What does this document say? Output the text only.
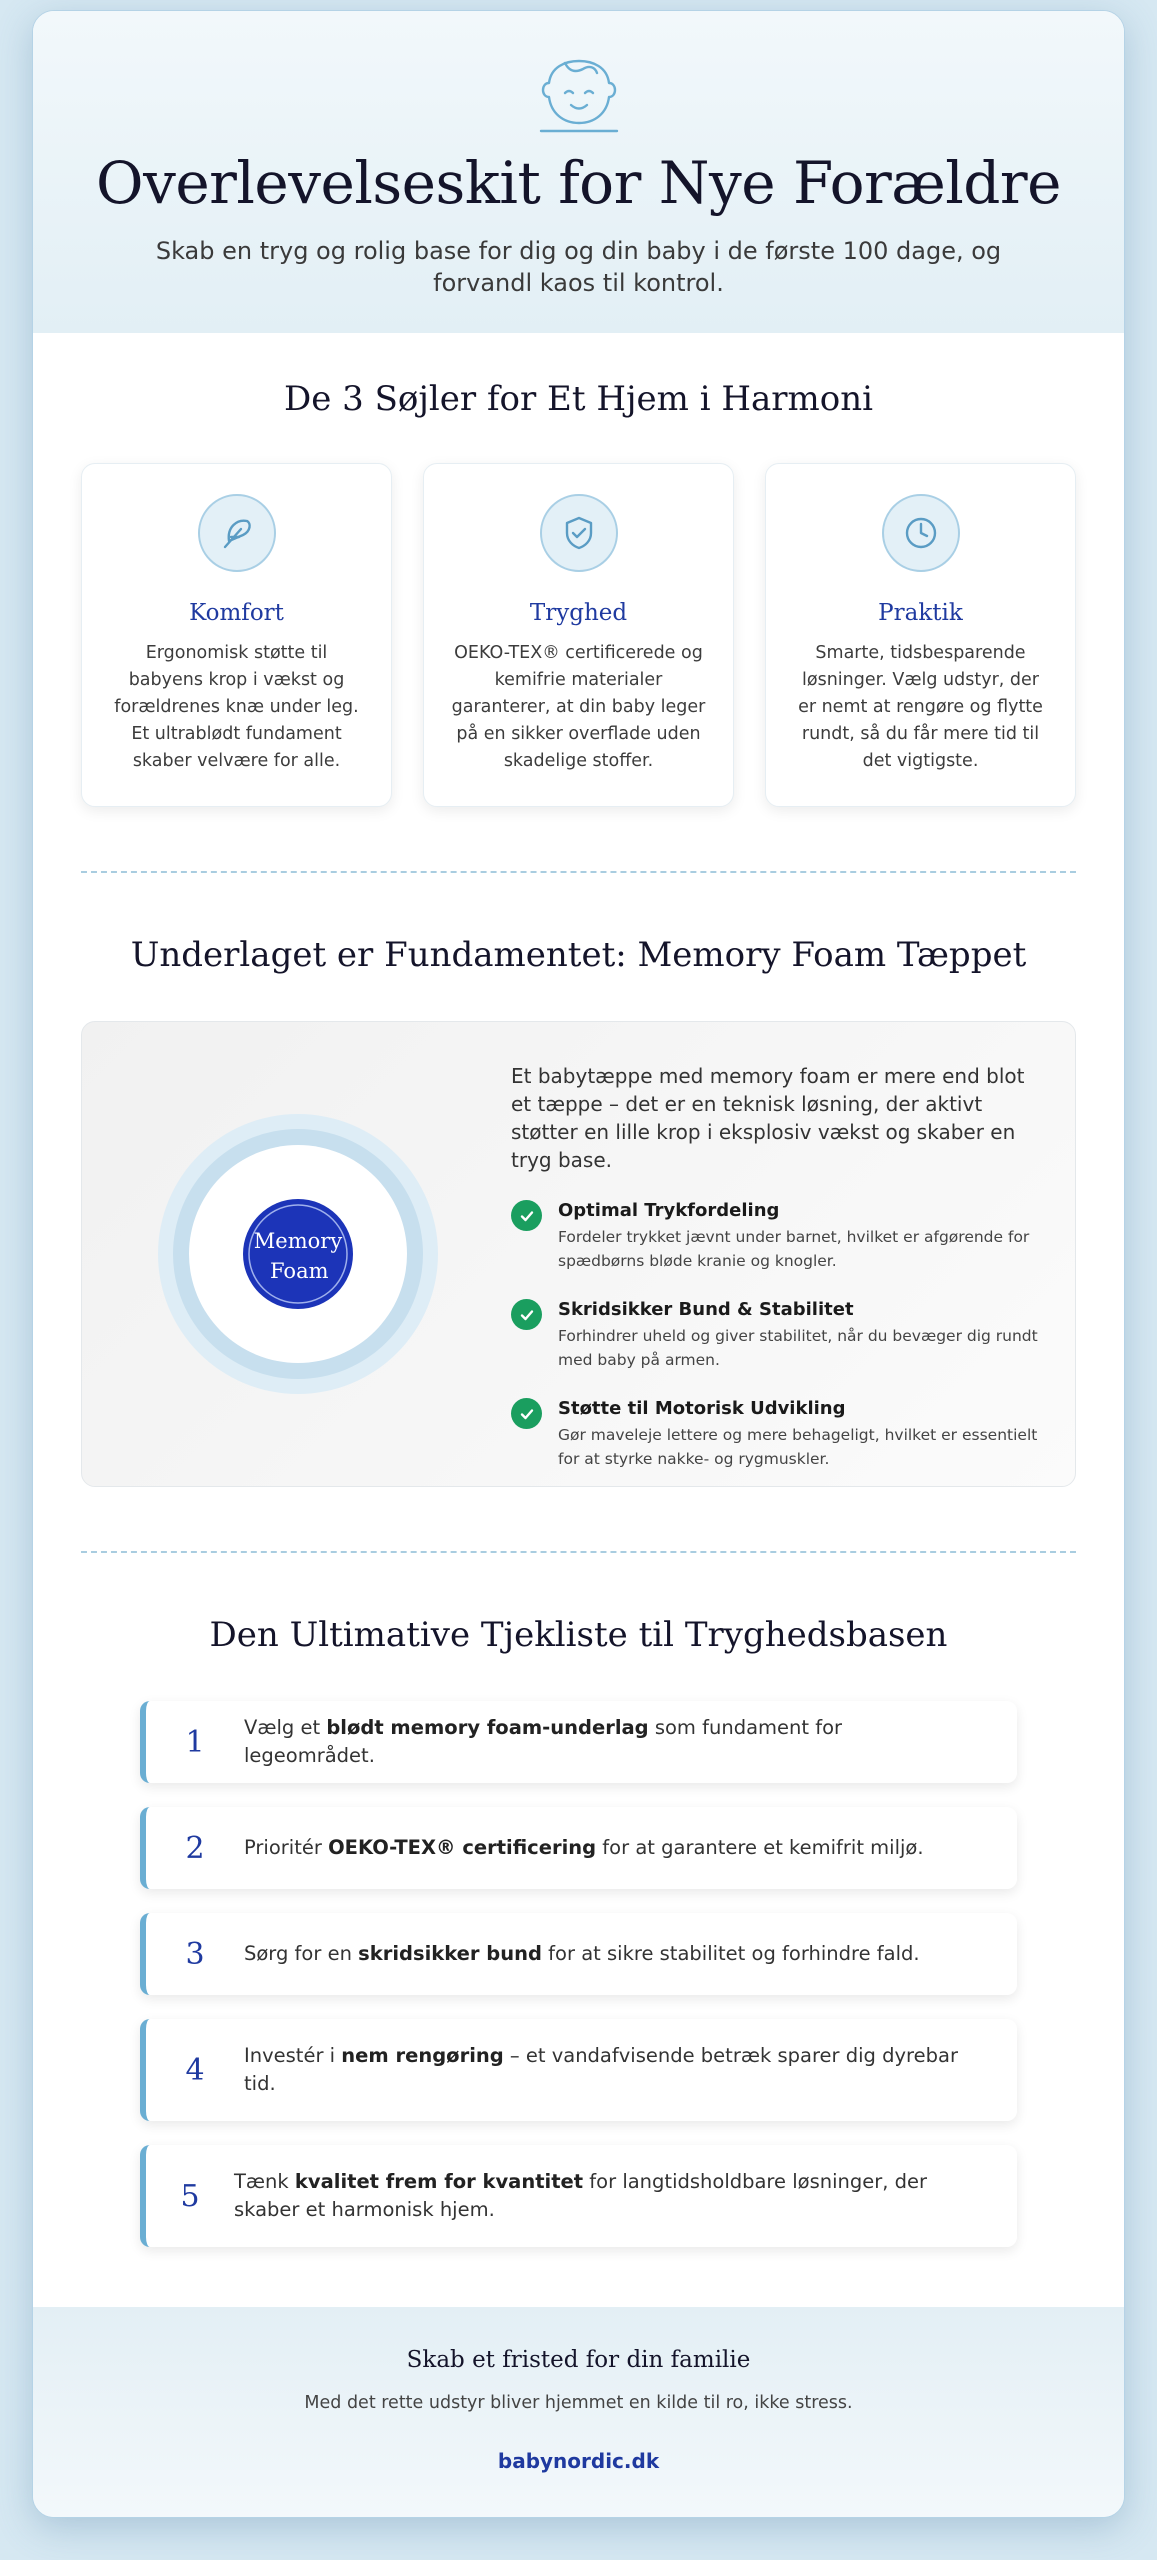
Overlevelseskit for Nye Forældre

Skab en tryg og rolig base for dig og din baby i de første 100 dage, og forvandl kaos til kontrol.

De 3 Søjler for Et Hjem i Harmoni
Komfort
Ergonomisk støtte til babyens krop i vækst og forældrenes knæ under leg. Et ultrablødt fundament skaber velvære for alle.
Tryghed
OEKO-TEX® certificerede og kemifrie materialer garanterer, at din baby leger på en sikker overflade uden skadelige stoffer.
Praktik
Smarte, tidsbesparende løsninger. Vælg udstyr, der er nemt at rengøre og flytte rundt, så du får mere tid til det vigtigste.
Underlaget er Fundamentet: Memory Foam Tæppet
Memory
Foam

Et babytæppe med memory foam er mere end blot et tæppe – det er en teknisk løsning, der aktivt støtter en lille krop i eksplosiv vækst og skaber en tryg base.

Optimal Trykfordeling
Fordeler trykket jævnt under barnet, hvilket er afgørende for spædbørns bløde kranie og knogler.
Skridsikker Bund & Stabilitet
Forhindrer uheld og giver stabilitet, når du bevæger dig rundt med baby på armen.
Støtte til Motorisk Udvikling
Gør maveleje lettere og mere behageligt, hvilket er essentielt for at styrke nakke- og rygmuskler.
Den Ultimative Tjekliste til Tryghedsbasen
1	Vælg et blødt memory foam-underlag som fundament for legeområdet.
2	Prioritér OEKO-TEX® certificering for at garantere et kemifrit miljø.
3	Sørg for en skridsikker bund for at sikre stabilitet og forhindre fald.
4	Investér i nem rengøring – et vandafvisende betræk sparer dig dyrebar tid.
5	Tænk kvalitet frem for kvantitet for langtidsholdbare løsninger, der skaber et harmonisk hjem.
Skab et fristed for din familie
Med det rette udstyr bliver hjemmet en kilde til ro, ikke stress.
babynordic.dk
